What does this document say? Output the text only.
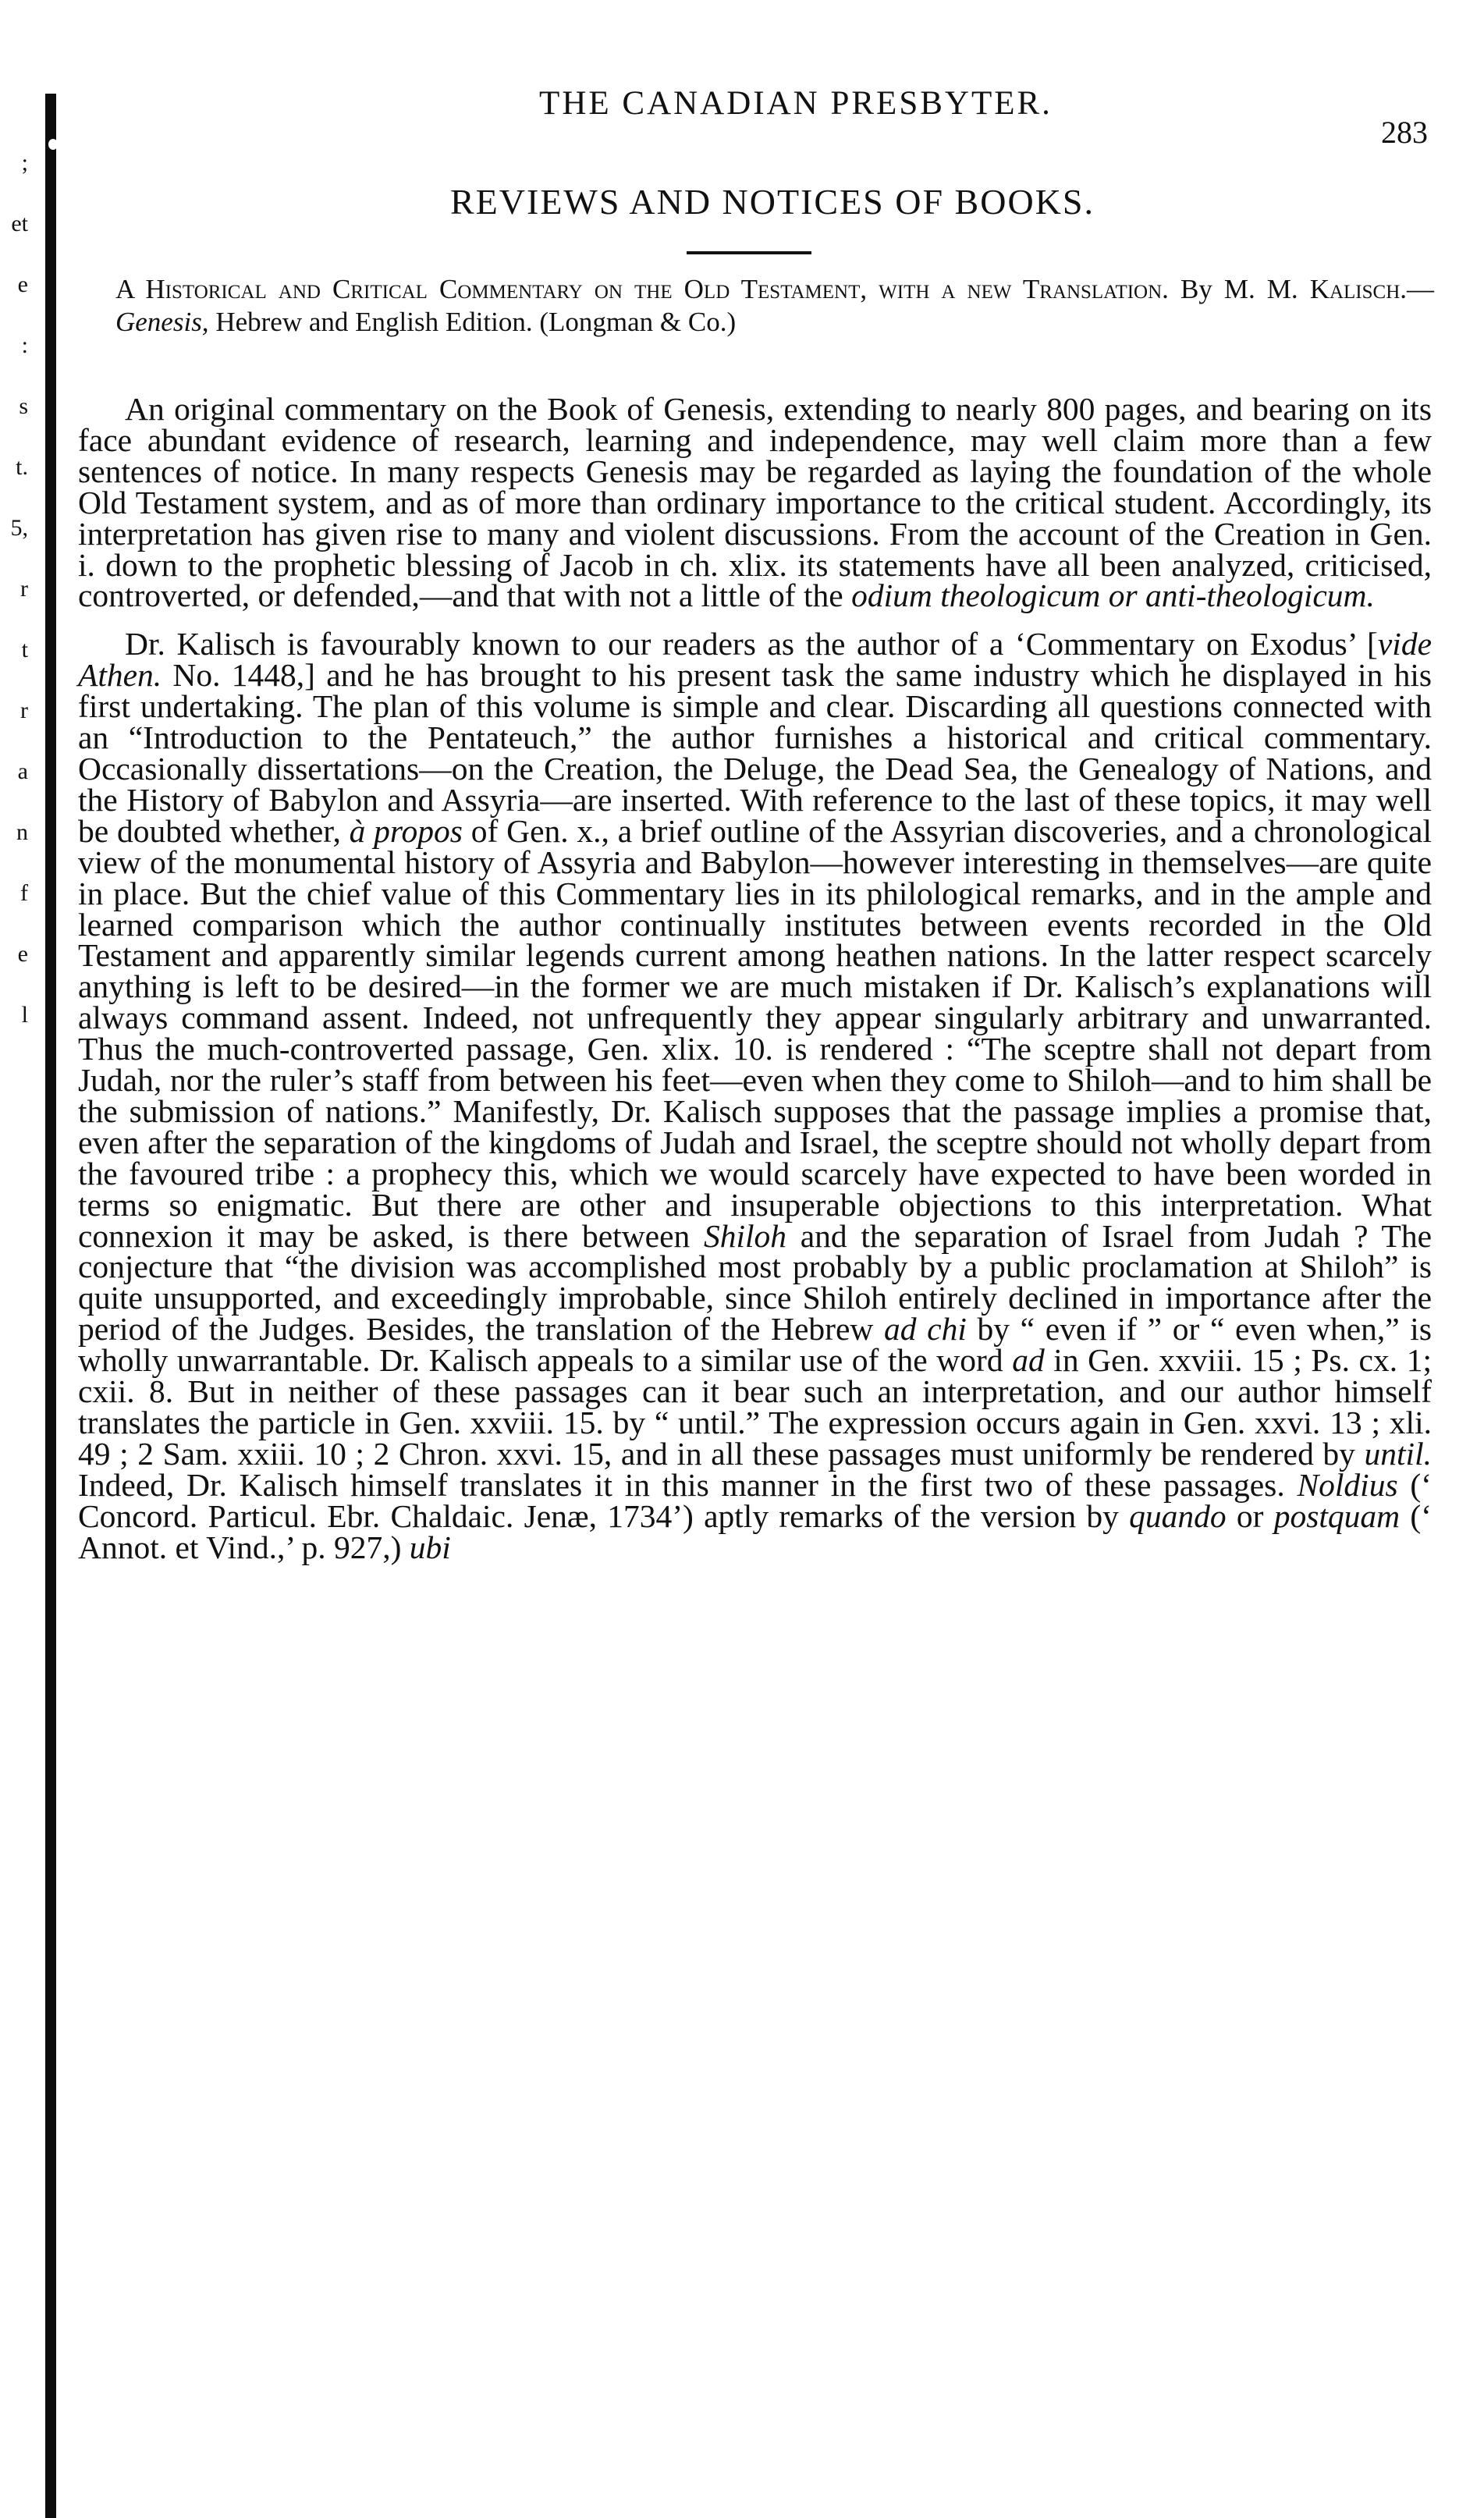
;
et
e
:
s
t.
5,
r
t
r
a
n
f
e
l
THE CANADIAN PRESBYTER.
283
REVIEWS AND NOTICES OF BOOKS.
A Historical and Critical Commentary on the Old Testament, with a new Translation. By M. M. Kalisch.—Genesis, Hebrew and English Edition. (Longman & Co.)

An original commentary on the Book of Genesis, extending to nearly 800 pages, and bearing on its face abundant evidence of research, learning and independence, may well claim more than a few sentences of notice. In many respects Genesis may be regarded as laying the foundation of the whole Old Testament system, and as of more than ordinary importance to the critical student. Accordingly, its interpretation has given rise to many and violent discussions. From the account of the Creation in Gen. i. down to the prophetic blessing of Jacob in ch. xlix. its statements have all been analyzed, criticised, controverted, or defended,—and that with not a little of the odium theologicum or anti-theologicum.

Dr. Kalisch is favourably known to our readers as the author of a ‘Commentary on Exodus’ [vide Athen. No. 1448,] and he has brought to his present task the same industry which he displayed in his first undertaking. The plan of this volume is simple and clear. Discarding all questions connected with an “Introduction to the Pentateuch,” the author furnishes a historical and critical commentary. Occasionally dissertations—on the Creation, the Deluge, the Dead Sea, the Genealogy of Nations, and the History of Babylon and Assyria—are inserted. With reference to the last of these topics, it may well be doubted whether, à propos of Gen. x., a brief outline of the Assyrian discoveries, and a chronological view of the monumental history of Assyria and Babylon—however interesting in themselves—are quite in place. But the chief value of this Commentary lies in its philological remarks, and in the ample and learned comparison which the author continually institutes between events recorded in the Old Testament and apparently similar legends current among heathen nations. In the latter respect scarcely anything is left to be desired—in the former we are much mistaken if Dr. Kalisch’s explanations will always command assent. Indeed, not unfrequently they appear singularly arbitrary and unwarranted. Thus the much-controverted passage, Gen. xlix. 10. is rendered : “The sceptre shall not depart from Judah, nor the ruler’s staff from between his feet—even when they come to Shiloh—and to him shall be the submission of nations.” Manifestly, Dr. Kalisch supposes that the passage implies a promise that, even after the separation of the kingdoms of Judah and Israel, the sceptre should not wholly depart from the favoured tribe : a prophecy this, which we would scarcely have expected to have been worded in terms so enigmatic. But there are other and insuperable objections to this interpretation. What connexion it may be asked, is there between Shiloh and the separation of Israel from Judah ? The conjecture that “the division was accomplished most probably by a public proclamation at Shiloh” is quite unsupported, and exceedingly improbable, since Shiloh entirely declined in importance after the period of the Judges. Besides, the translation of the Hebrew ad chi by “ even if ” or “ even when,” is wholly unwarrantable. Dr. Kalisch appeals to a similar use of the word ad in Gen. xxviii. 15 ; Ps. cx. 1; cxii. 8. But in neither of these passages can it bear such an interpretation, and our author himself translates the particle in Gen. xxviii. 15. by “ until.” The expression occurs again in Gen. xxvi. 13 ; xli. 49 ; 2 Sam. xxiii. 10 ; 2 Chron. xxvi. 15, and in all these passages must uniformly be rendered by until. Indeed, Dr. Kalisch himself translates it in this manner in the first two of these passages. Noldius (‘ Concord. Particul. Ebr. Chaldaic. Jenæ, 1734’) aptly remarks of the version by quando or postquam (‘ Annot. et Vind.,’ p. 927,) ubi
